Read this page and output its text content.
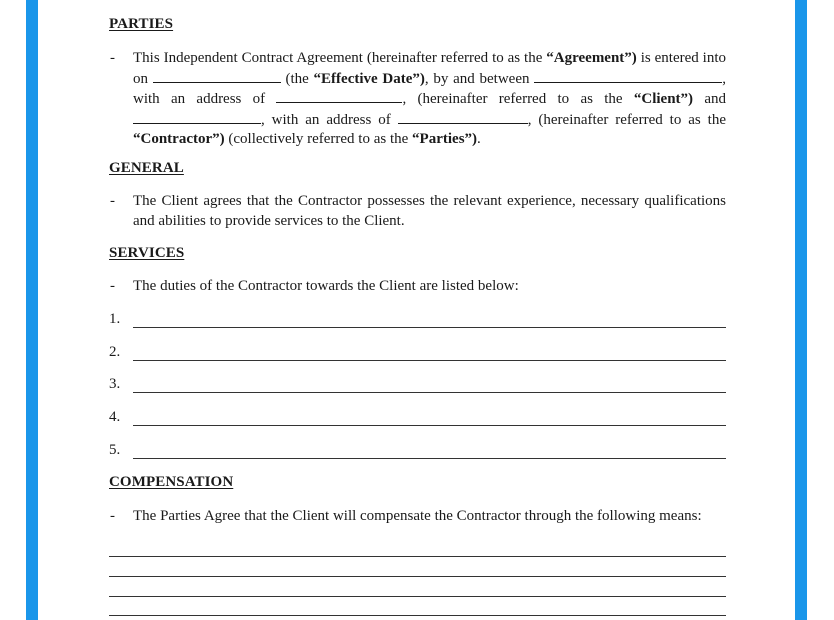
PARTIES
- This Independent Contract Agreement (hereinafter referred to as the “Agreement”) is entered into on	(the “Effective Date”), by and between	, with an address of	, (hereinafter referred to as the “Client”) and , with an address of	, (hereinafter referred to as the “Contractor”) (collectively referred to as the “Parties”).

GENERAL
- The Client agrees that the Contractor possesses the relevant experience, necessary qualifications and abilities to provide services to the Client.

SERVICES
- The duties of the Contractor towards the Client are listed below:

1.
2.
3.
4.
5.
COMPENSATION
- The Parties Agree that the Client will compensate the Contractor through the following means:
